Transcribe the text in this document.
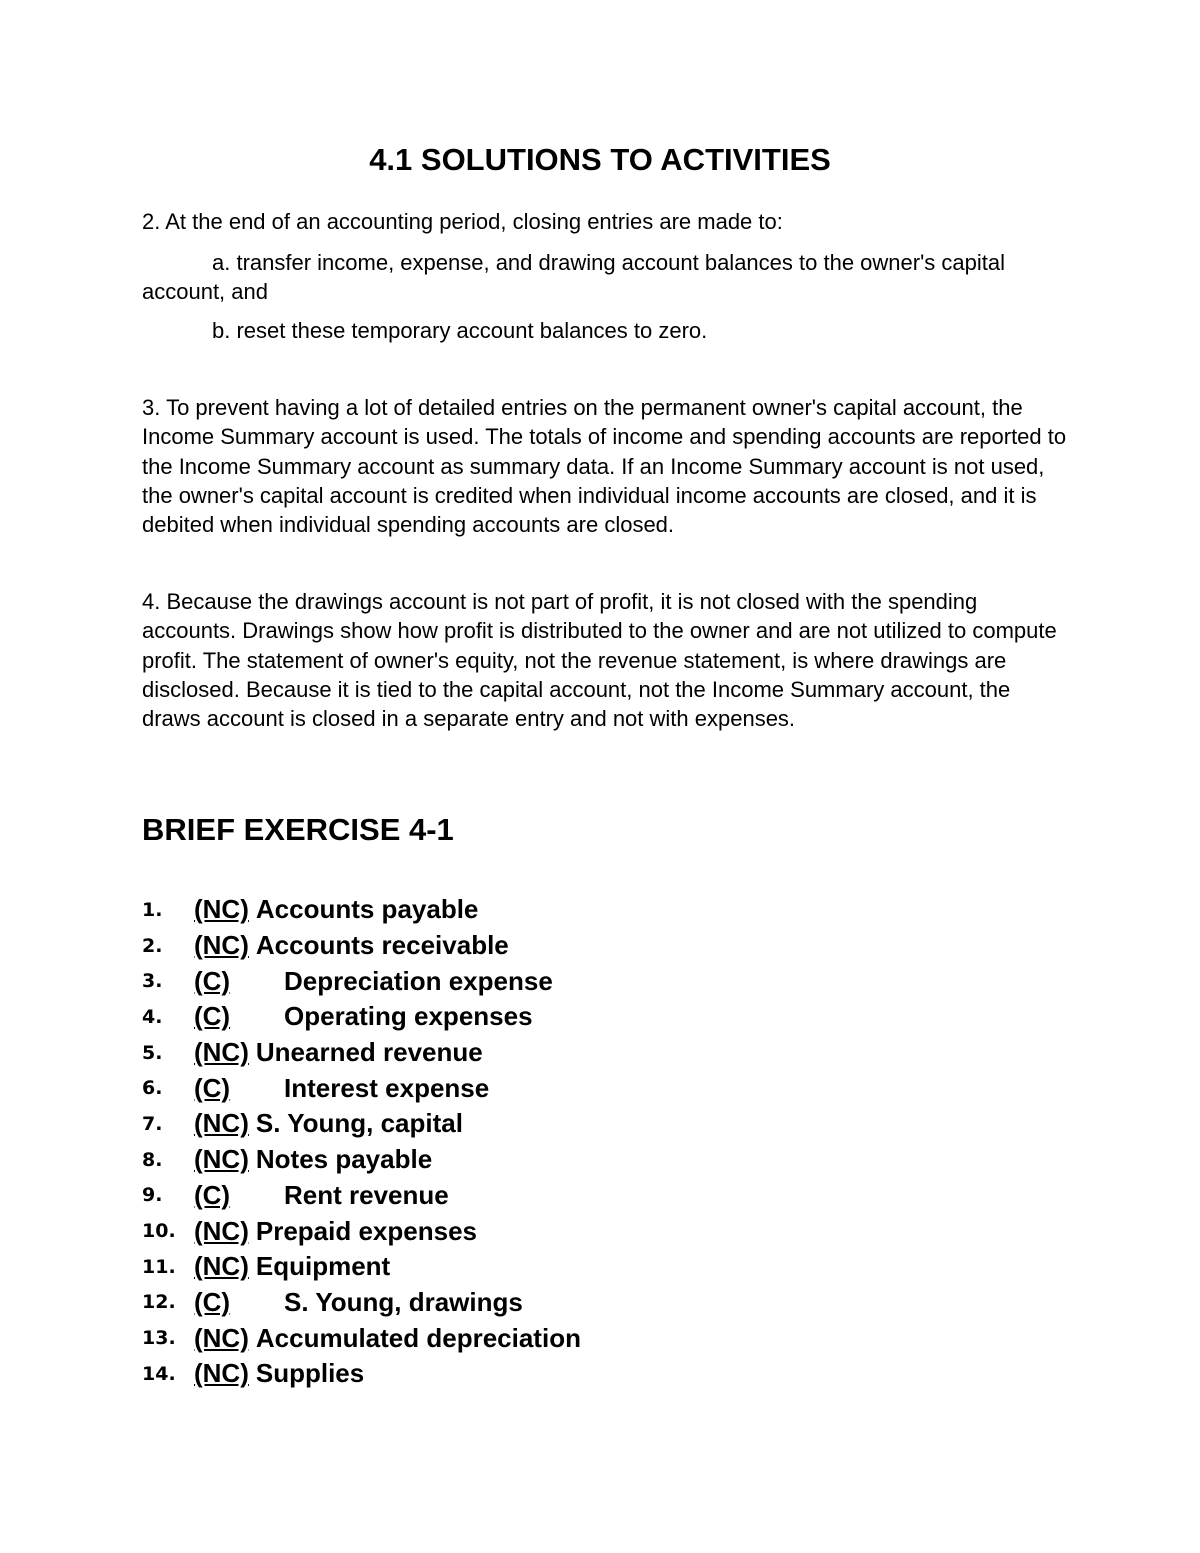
4.1 SOLUTIONS TO ACTIVITIES

2. At the end of an accounting period, closing entries are made to:

a. transfer income, expense, and drawing account balances to the owner's capital account, and

b. reset these temporary account balances to zero.

3. To prevent having a lot of detailed entries on the permanent owner's capital account, the Income Summary account is used. The totals of income and spending accounts are reported to the Income Summary account as summary data. If an Income Summary account is not used, the owner's capital account is credited when individual income accounts are closed, and it is debited when individual spending accounts are closed.

4. Because the drawings account is not part of profit, it is not closed with the spending accounts. Drawings show how profit is distributed to the owner and are not utilized to compute profit. The statement of owner's equity, not the revenue statement, is where drawings are disclosed. Because it is tied to the capital account, not the Income Summary account, the draws account is closed in a separate entry and not with expenses.

BRIEF EXERCISE 4-1
1.	(NC) Accounts payable
2.	(NC) Accounts receivable
3.	(C)	Depreciation expense
4.	(C)	Operating expenses
5.	(NC) Unearned revenue
6.	(C)	Interest expense
7.	(NC) S. Young, capital
8.	(NC) Notes payable
9.	(C)	Rent revenue
10. (NC) Prepaid expenses
11. (NC) Equipment
12. (C)	S. Young, drawings
13. (NC) Accumulated depreciation
14. (NC) Supplies
